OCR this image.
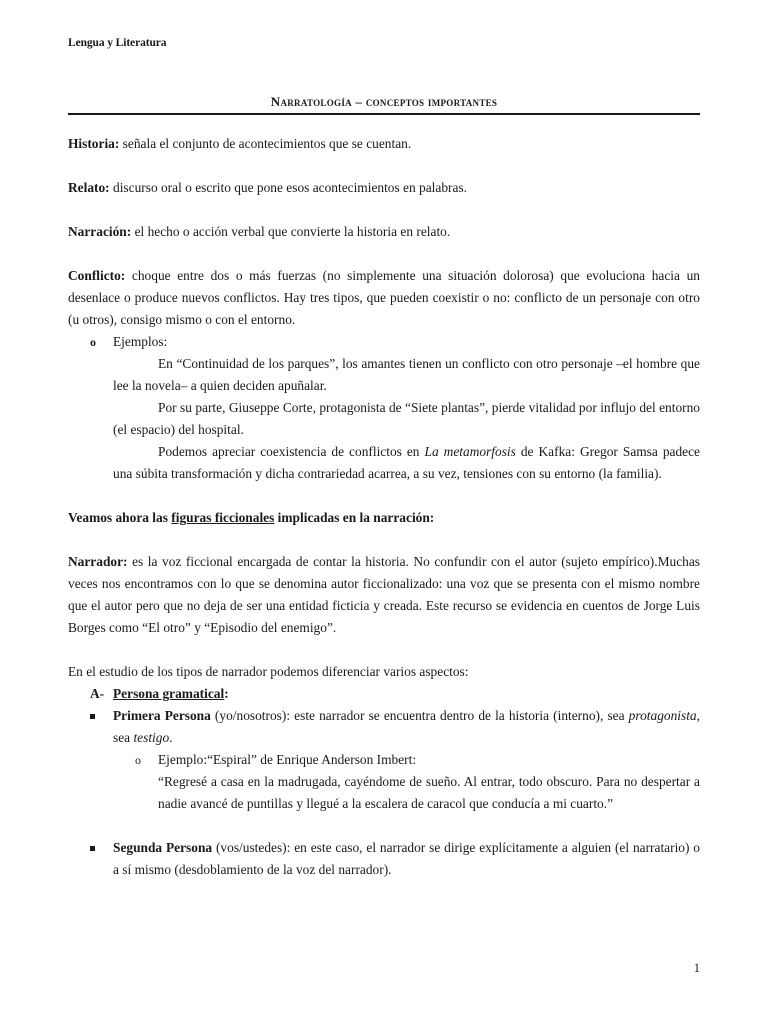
Lengua y Literatura
Narratología – conceptos importantes

Historia: señala el conjunto de acontecimientos que se cuentan.

Relato: discurso oral o escrito que pone esos acontecimientos en palabras.

Narración: el hecho o acción verbal que convierte la historia en relato.

Conflicto: choque entre dos o más fuerzas (no simplemente una situación dolorosa) que evoluciona hacia un desenlace o produce nuevos conflictos. Hay tres tipos, que pueden coexistir o no: conflicto de un personaje con otro (u otros), consigo mismo o con el entorno.

o Ejemplos:

En “Continuidad de los parques”, los amantes tienen un conflicto con otro personaje –el hombre que lee la novela– a quien deciden apuñalar.

Por su parte, Giuseppe Corte, protagonista de “Siete plantas”, pierde vitalidad por influjo del entorno (el espacio) del hospital.

Podemos apreciar coexistencia de conflictos en La metamorfosis de Kafka: Gregor Samsa padece una súbita transformación y dicha contrariedad acarrea, a su vez, tensiones con su entorno (la familia).

Veamos ahora las figuras ficcionales implicadas en la narración:

Narrador: es la voz ficcional encargada de contar la historia. No confundir con el autor (sujeto empírico).Muchas veces nos encontramos con lo que se denomina autor ficcionalizado: una voz que se presenta con el mismo nombre que el autor pero que no deja de ser una entidad ficticia y creada. Este recurso se evidencia en cuentos de Jorge Luis Borges como “El otro” y “Episodio del enemigo”.

En el estudio de los tipos de narrador podemos diferenciar varios aspectos:

A- Persona gramatical:

Primera Persona (yo/nosotros): este narrador se encuentra dentro de la historia (interno), sea protagonista, sea testigo.

o Ejemplo:“Espiral” de Enrique Anderson Imbert:

“Regresé a casa en la madrugada, cayéndome de sueño. Al entrar, todo obscuro. Para no despertar a nadie avancé de puntillas y llegué a la escalera de caracol que conducía a mi cuarto.”

Segunda Persona (vos/ustedes): en este caso, el narrador se dirige explícitamente a alguien (el narratario) o a sí mismo (desdoblamiento de la voz del narrador).

1
